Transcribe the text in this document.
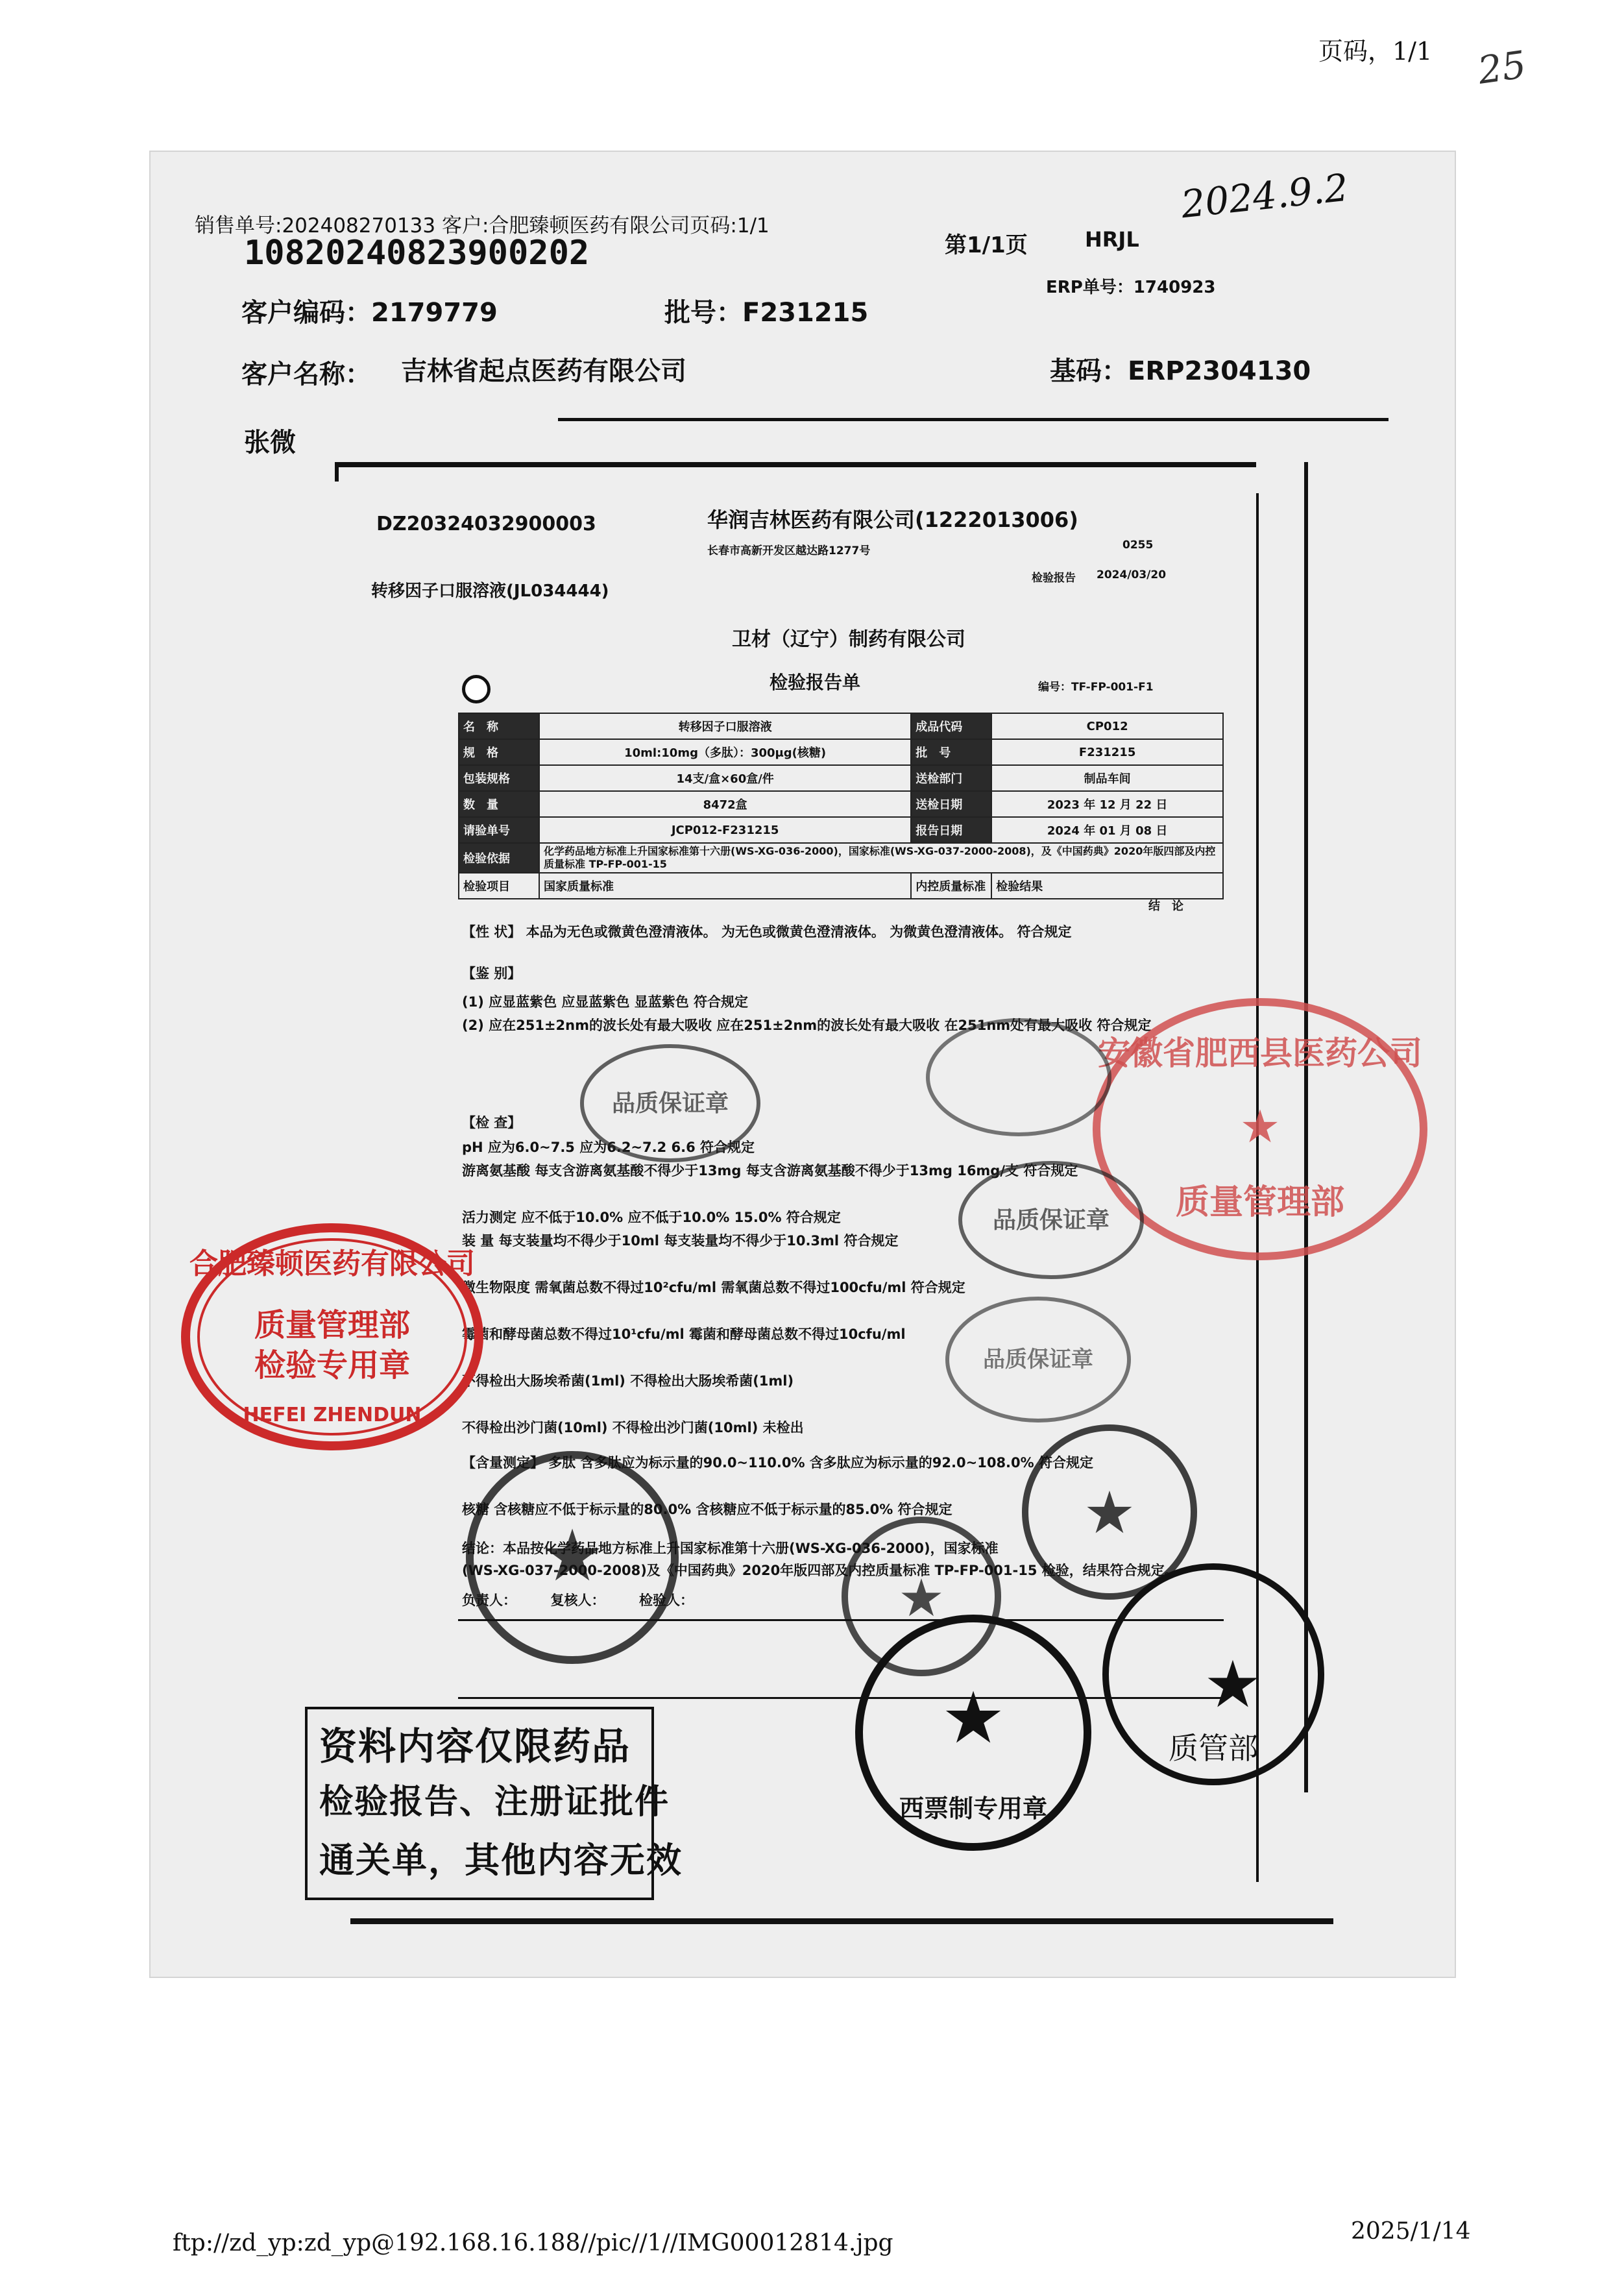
页码，1/1 25
2024.9.2
销售单号:202408270133 客户:合肥臻顿医药有限公司页码:1/1
10820240823900202	第1/1页	HRJL
ERP单号：1740923
客户编码：2179779	批号：F231215
客户名称： 吉林省起点医药有限公司	基码：ERP2304130
张微
DZ20324032900003	华润吉林医药有限公司(1222013006)
长春市高新开发区越达路1277号	0255
检验报告 2024/03/20
转移因子口服溶液(JL034444)
卫材（辽宁）制药有限公司
检验报告单	编号：TF-FP-001-F1
名　称	转移因子口服溶液	成品代码	CP012
规　格	10ml:10mg（多肽）：300μg(核糖)	批　号	F231215
包装规格	14支/盒×60盒/件	送检部门	制品车间
数　量	8472盒	送检日期	2023 年 12 月 22 日
请验单号	JCP012-F231215	报告日期	2024 年 01 月 08 日
检验依据	化学药品地方标准上升国家标准第十六册(WS-XG-036-2000)，国家标准(WS-XG-037-2000-2008)，及《中国药典》2020年版四部及内控质量标准 TP-FP-001-15		
检验项目	国家质量标准	内控质量标准	检验结果
结　论
【性 状】 本品为无色或微黄色澄清液体。 为无色或微黄色澄清液体。 为微黄色澄清液体。 符合规定
【鉴 别】
(1) 应显蓝紫色 应显蓝紫色 显蓝紫色 符合规定
(2) 应在251±2nm的波长处有最大吸收 应在251±2nm的波长处有最大吸收 在251nm处有最大吸收 符合规定
【检 查】
pH 应为6.0~7.5 应为6.2~7.2 6.6 符合规定
游离氨基酸 每支含游离氨基酸不得少于13mg 每支含游离氨基酸不得少于13mg 16mg/支 符合规定
活力测定 应不低于10.0% 应不低于10.0% 15.0% 符合规定
装 量 每支装量均不得少于10ml 每支装量均不得少于10.3ml 符合规定
微生物限度 需氧菌总数不得过10²cfu/ml 需氧菌总数不得过100cfu/ml 符合规定
霉菌和酵母菌总数不得过10¹cfu/ml 霉菌和酵母菌总数不得过10cfu/ml
不得检出大肠埃希菌(1ml) 不得检出大肠埃希菌(1ml)
不得检出沙门菌(10ml) 不得检出沙门菌(10ml) 未检出
【含量测定】 多肽 含多肽应为标示量的90.0~110.0% 含多肽应为标示量的92.0~108.0% 符合规定
核糖 含核糖应不低于标示量的80.0% 含核糖应不低于标示量的85.0% 符合规定
结论：本品按化学药品地方标准上升国家标准第十六册(WS-XG-036-2000)，国家标准
(WS-XG-037-2000-2008)及《中国药典》2020年版四部及内控质量标准 TP-FP-001-15 检验，结果符合规定。
负责人：　　　复核人：　　　检验人：
合肥臻顿医药有限公司
质量管理部
检验专用章
HEFEI ZHENDUN
安徽省肥西县医药公司
★
质量管理部
品质保证章
品质保证章
品质保证章
★
★
★
★
质管部
★
西票制专用章
资料内容仅限药品
检验报告、注册证批件
通关单，其他内容无效
ftp://zd_yp:zd_yp@192.168.16.188//pic//1//IMG00012814.jpg	2025/1/14
